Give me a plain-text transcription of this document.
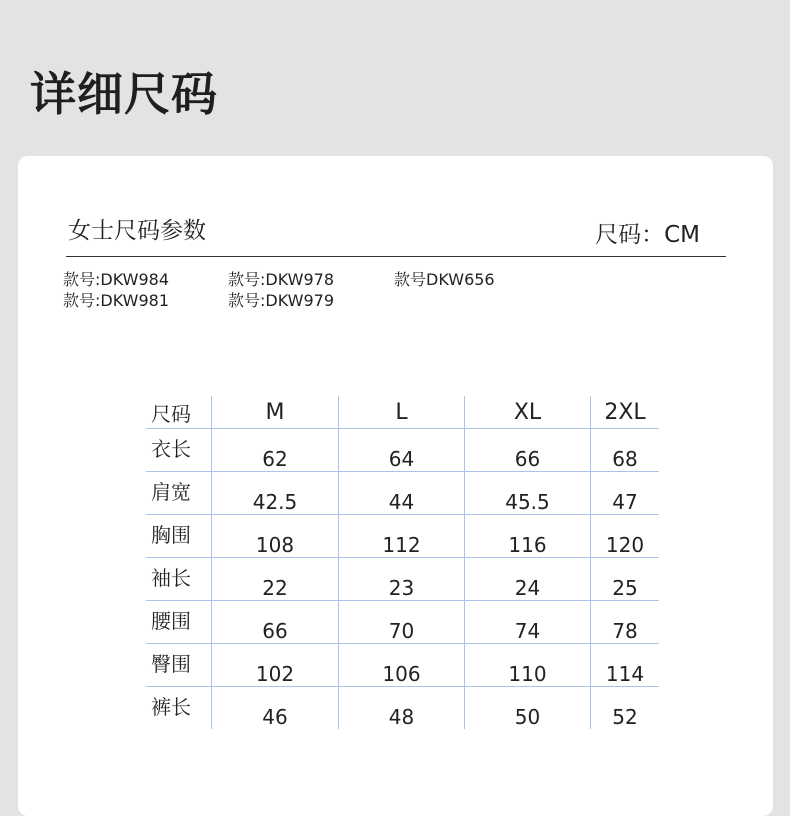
详细尺码
女士尺码参数	尺码：CM
款号:DKW984	款号:DKW978	款号DKW656
款号:DKW981	款号:DKW979
尺码	M	L	XL	2XL
衣长	62	64	66	68
肩宽	42.5	44	45.5	47
胸围	108	112	116	120
袖长	22	23	24	25
腰围	66	70	74	78
臀围	102	106	110	114
裤长	46	48	50	52
